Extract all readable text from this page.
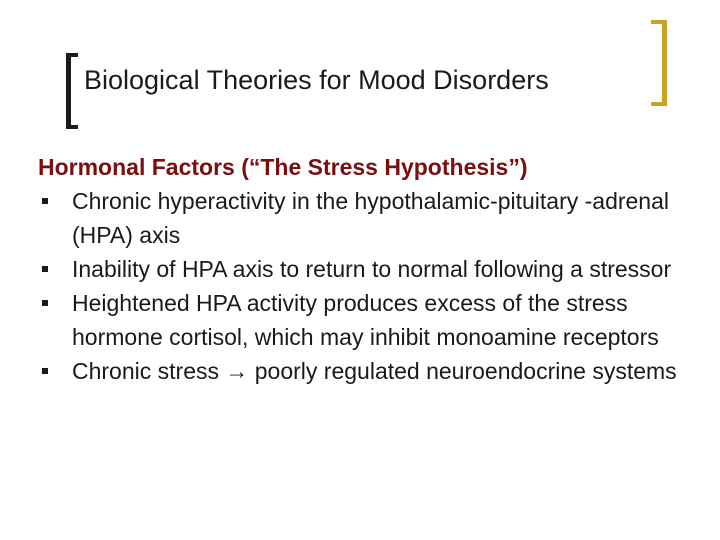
Biological Theories for Mood Disorders
Hormonal Factors (“The Stress Hypothesis”)
Chronic hyperactivity in the hypothalamic-pituitary -adrenal (HPA) axis
Inability of HPA axis to return to normal following a stressor
Heightened HPA activity produces excess of the stress hormone cortisol, which may inhibit monoamine receptors
Chronic stress → poorly regulated neuroendocrine systems
